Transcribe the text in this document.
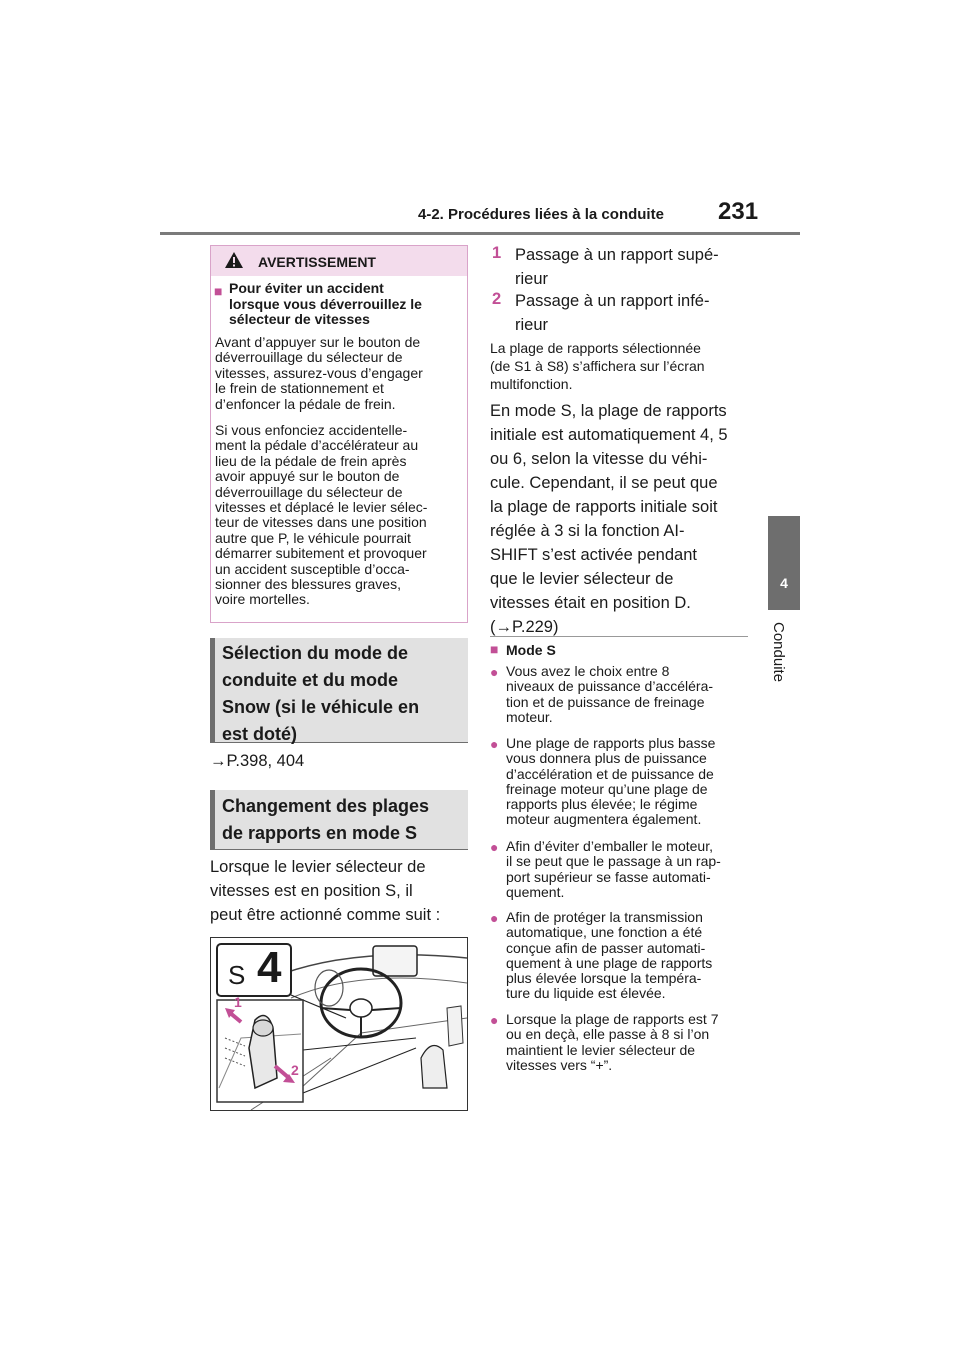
4-2. Procédures liées à la conduite 231
4
Conduite
AVERTISSEMENT
■ Pour éviter un accident
lorsque vous déverrouillez le
sélecteur de vitesses
Avant d’appuyer sur le bouton de
déverrouillage du sélecteur de
vitesses, assurez-vous d’engager
le frein de stationnement et
d’enfoncer la pédale de frein.
Si vous enfonciez accidentelle-
ment la pédale d’accélérateur au
lieu de la pédale de frein après
avoir appuyé sur le bouton de
déverrouillage du sélecteur de
vitesses et déplacé le levier sélec-
teur de vitesses dans une position
autre que P, le véhicule pourrait
démarrer subitement et provoquer
un accident susceptible d’occa-
sionner des blessures graves,
voire mortelles.
Sélection du mode de
conduite et du mode
Snow (si le véhicule en
est doté)
→P.398, 404
Changement des plages
de rapports en mode S
Lorsque le levier sélecteur de
vitesses est en position S, il
peut être actionné comme suit :
S 4
1
2
1 Passage à un rapport supé-
rieur
2 Passage à un rapport infé-
rieur
La plage de rapports sélectionnée
(de S1 à S8) s’affichera sur l’écran
multifonction.
En mode S, la plage de rapports
initiale est automatiquement 4, 5
ou 6, selon la vitesse du véhi-
cule. Cependant, il se peut que
la plage de rapports initiale soit
réglée à 3 si la fonction AI-
SHIFT s’est activée pendant
que le levier sélecteur de
vitesses était en position D.
(→P.229)
■ Mode S
● Vous avez le choix entre 8
niveaux de puissance d’accéléra-
tion et de puissance de freinage
moteur.
● Une plage de rapports plus basse
vous donnera plus de puissance
d’accélération et de puissance de
freinage moteur qu’une plage de
rapports plus élevée; le régime
moteur augmentera également.
● Afin d’éviter d’emballer le moteur,
il se peut que le passage à un rap-
port supérieur se fasse automati-
quement.
● Afin de protéger la transmission
automatique, une fonction a été
conçue afin de passer automati-
quement à une plage de rapports
plus élevée lorsque la tempéra-
ture du liquide est élevée.
● Lorsque la plage de rapports est 7
ou en deçà, elle passe à 8 si l’on
maintient le levier sélecteur de
vitesses vers “+”.
